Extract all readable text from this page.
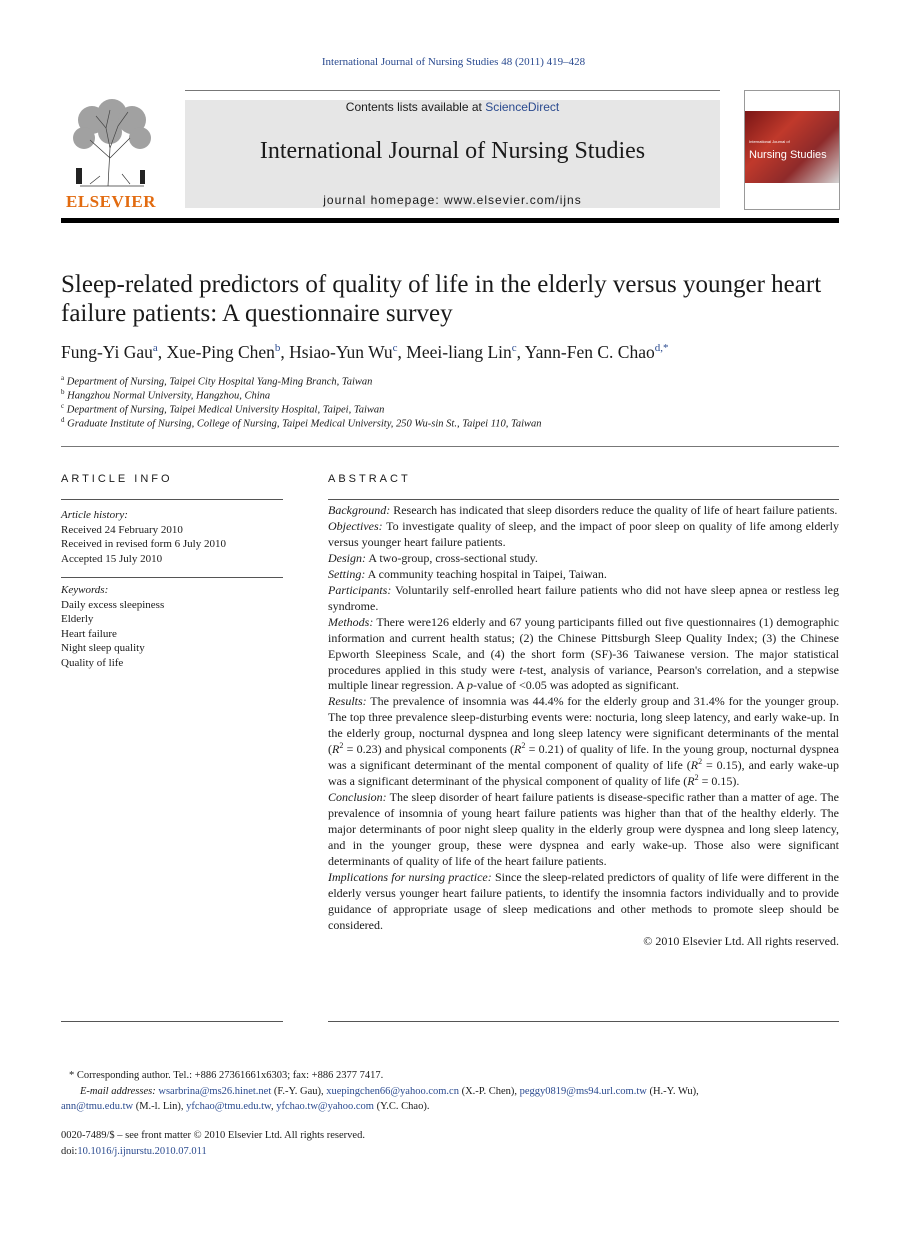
International Journal of Nursing Studies 48 (2011) 419–428
ELSEVIER
Contents lists available at ScienceDirect
International Journal of Nursing Studies
journal homepage: www.elsevier.com/ijns
International Journal of
Nursing Studies
Sleep-related predictors of quality of life in the elderly versus younger heart failure patients: A questionnaire survey
Fung-Yi Gau$^a$, Xue-Ping Chen$^b$, Hsiao-Yun Wu$^c$, Meei-liang Lin$^c$, Yann-Fen C. Chao$^{d,*}$
$^a$ Department of Nursing, Taipei City Hospital Yang-Ming Branch, Taiwan
$^b$ Hangzhou Normal University, Hangzhou, China
$^c$ Department of Nursing, Taipei Medical University Hospital, Taipei, Taiwan
$^d$ Graduate Institute of Nursing, College of Nursing, Taipei Medical University, 250 Wu-sin St., Taipei 110, Taiwan
ARTICLE INFO
Article history:
Received 24 February 2010
Received in revised form 6 July 2010
Accepted 15 July 2010
Keywords:
Daily excess sleepiness
Elderly
Heart failure
Night sleep quality
Quality of life
ABSTRACT

Background: Research has indicated that sleep disorders reduce the quality of life of heart failure patients.

Objectives: To investigate quality of sleep, and the impact of poor sleep on quality of life among elderly versus younger heart failure patients.

Design: A two-group, cross-sectional study.

Setting: A community teaching hospital in Taipei, Taiwan.

Participants: Voluntarily self-enrolled heart failure patients who did not have sleep apnea or restless leg syndrome.

Methods: There were126 elderly and 67 young participants filled out five questionnaires (1) demographic information and current health status; (2) the Chinese Pittsburgh Sleep Quality Index; (3) the Chinese Epworth Sleepiness Scale, and (4) the short form (SF)-36 Taiwanese version. The major statistical procedures applied in this study were t-test, analysis of variance, Pearson's correlation, and a stepwise multiple linear regression. A p-value of <0.05 was adopted as significant.

Results: The prevalence of insomnia was 44.4% for the elderly group and 31.4% for the younger group. The top three prevalence sleep-disturbing events were: nocturia, long sleep latency, and early wake-up. In the elderly group, nocturnal dyspnea and long sleep latency were significant determinants of the mental $(R^2 = 0.23)$ and physical components $(R^2 = 0.21)$ of quality of life. In the young group, nocturnal dyspnea was a significant determinant of the mental component of quality of life $(R^2 = 0.15)$, and early wake-up was a significant determinant of the physical component of quality of life $(R^2 = 0.15)$.

Conclusion: The sleep disorder of heart failure patients is disease-specific rather than a matter of age. The prevalence of insomnia of young heart failure patients was higher than that of the healthy elderly. The major determinants of poor night sleep quality in the elderly group were dyspnea and long sleep latency, and in the younger group, these were dyspnea and early wake-up. Those also were significant determinants of quality of life of the heart failure patients.

Implications for nursing practice: Since the sleep-related predictors of quality of life were different in the elderly versus younger heart failure patients, to identify the insomnia factors individually and to provide guidance of appropriate usage of sleep medications and other methods to promote sleep should be considered.

© 2010 Elsevier Ltd. All rights reserved.

* Corresponding author. Tel.: +886 27361661x6303; fax: +886 2377 7417.

E-mail addresses: wsarbrina@ms26.hinet.net (F.-Y. Gau), xuepingchen66@yahoo.com.cn (X.-P. Chen), peggy0819@ms94.url.com.tw (H.-Y. Wu),

ann@tmu.edu.tw (M.-l. Lin), yfchao@tmu.edu.tw, yfchao.tw@yahoo.com (Y.C. Chao).

0020-7489/$ – see front matter © 2010 Elsevier Ltd. All rights reserved.

doi:10.1016/j.ijnurstu.2010.07.011
